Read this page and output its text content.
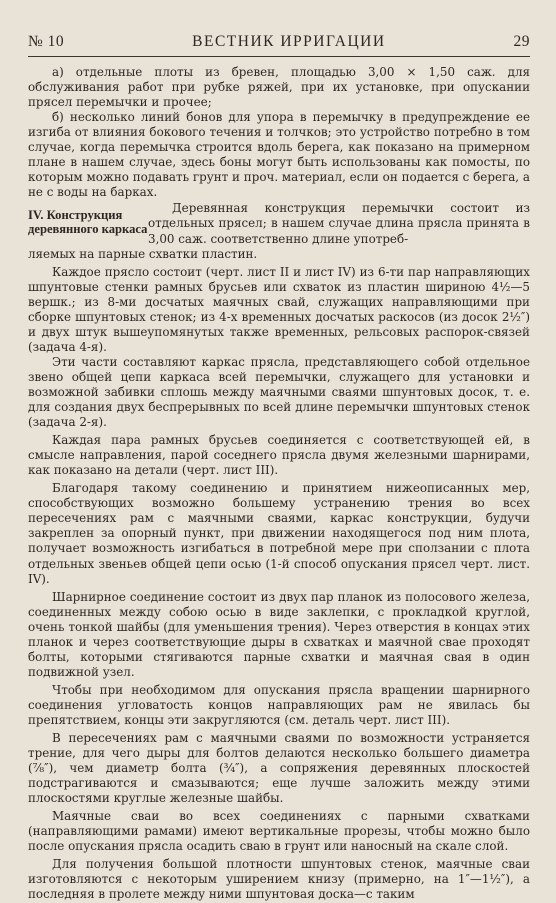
№ 10	ВЕСТНИК ИРРИГАЦИИ	29

а) отдельные плоты из бревен, площадью 3,00 × 1,50 саж. для обслуживания работ при рубке ряжей, при их установке, при опускании прясел перемычки и прочее;

б) несколько линий бонов для упора в перемычку в предупреждение ее изгиба от влияния бокового течения и толчков; это устройство потребно в том случае, когда перемычка строится вдоль берега, как показано на примерном плане в нашем случае, здесь боны могут быть использованы как помосты, по которым можно подавать грунт и проч. материал, если он подается с берега, а не с воды на барках.

IV. Конструкция деревянного каркаса

Деревянная конструкция перемычки состоит из отдельных прясел; в нашем случае длина прясла принята в 3,00 саж. соответственно длине употреб-

ляемых на парные схватки пластин.

Каждое прясло состоит (черт. лист II и лист IV) из 6-ти пар направляющих шпунтовые стенки рамных брусьев или схваток из пластин шириною 4½—5 вершк.; из 8-ми досчатых маячных свай, служащих направляющими при сборке шпунтовых стенок; из 4-х временных досчатых раскосов (из досок 2½″) и двух штук вышеупомянутых также временных, рельсовых распорок-связей (задача 4-я).

Эти части составляют каркас прясла, представляющего собой отдельное звено общей цепи каркаса всей перемычки, служащего для установки и возможной забивки сплошь между маячными сваями шпунтовых досок, т. е. для создания двух беспрерывных по всей длине перемычки шпунтовых стенок (задача 2-я).

Каждая пара рамных брусьев соединяется с соответствующей ей, в смысле направления, парой соседнего прясла двумя железными шарнирами, как показано на детали (черт. лист III).

Благодаря такому соединению и принятием нижеописанных мер, способствующих возможно большему устранению трения во всех пересечениях рам с маячными сваями, каркас конструкции, будучи закреплен за опорный пункт, при движении находящегося под ним плота, получает возможность изгибаться в потребной мере при сползании с плота отдельных звеньев общей цепи осью (1-й способ опускания прясел черт. лист. IV).

Шарнирное соединение состоит из двух пар планок из полосового железа, соединенных между собою осью в виде заклепки, с прокладкой круглой, очень тонкой шайбы (для уменьшения трения). Через отверстия в концах этих планок и через соответствующие дыры в схватках и маячной сваe проходят болты, которыми стягиваются парные схватки и маячная свая в один подвижной узел.

Чтобы при необходимом для опускания прясла вращении шарнирного соединения угловатость концов направляющих рам не явилась бы препятствием, концы эти закругляются (см. деталь черт. лист III).

В пересечениях рам с маячными сваями по возможности устраняется трение, для чего дыры для болтов делаются несколько большего диаметра (⅞″), чем диаметр болта (¾″), а сопряжения деревянных плоскостей подстрагиваются и смазываются; еще лучше заложить между этими плоскостями круглые железные шайбы.

Маячные сваи во всех соединениях с парными схватками (направляющими рамами) имеют вертикальные прорезы, чтобы можно было после опускания прясла осадить сваю в грунт или наносный на скале слой.

Для получения большой плотности шпунтовых стенок, маячные сваи изготовляются с некоторым уширением книзу (примерно, на 1″—1½″), а последняя в пролете между ними шпунтовая доска—с таким
